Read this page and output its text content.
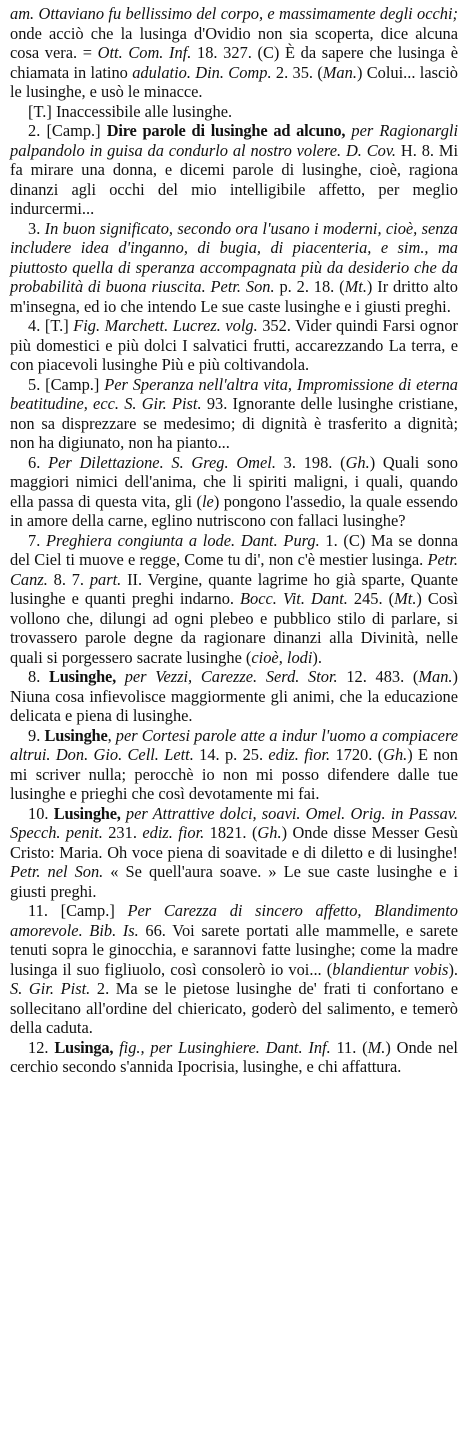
am. Ottaviano fu bellissimo del corpo, e massimamente degli occhi; onde acciò che la lusinga d'Ovidio non sia scoperta, dice alcuna cosa vera. = Ott. Com. Inf. 18. 327. (C) È da sapere che lusinga è chiamata in latino adulatio. Din. Comp. 2. 35. (Man.) Colui... lasciò le lusinghe, e usò le minacce.

[T.] Inaccessibile alle lusinghe.

2. [Camp.] Dire parole di lusinghe ad alcuno, per Ragionargli palpandolo in guisa da condurlo al nostro volere. D. Cov. H. 8. Mi fa mirare una donna, e dicemi parole di lusinghe, cioè, ragiona dinanzi agli occhi del mio intelligibile affetto, per meglio indurcermi...

3. In buon significato, secondo ora l'usano i moderni, cioè, senza includere idea d'inganno, di bugia, di piacenteria, e sim., ma piuttosto quella di speranza accompagnata più da desiderio che da probabilità di buona riuscita. Petr. Son. p. 2. 18. (Mt.) Ir dritto alto m'insegna, ed io che intendo Le sue caste lusinghe e i giusti preghi.

4. [T.] Fig. Marchett. Lucrez. volg. 352. Vider quindi Farsi ognor più domestici e più dolci I salvatici frutti, accarezzando La terra, e con piacevoli lusinghe Più e più coltivandola.

5. [Camp.] Per Speranza nell'altra vita, Impromissione di eterna beatitudine, ecc. S. Gir. Pist. 93. Ignorante delle lusinghe cristiane, non sa disprezzare se medesimo; di dignità è trasferito a dignità; non ha digiunato, non ha pianto...

6. Per Dilettazione. S. Greg. Omel. 3. 198. (Gh.) Quali sono maggiori nimici dell'anima, che li spiriti maligni, i quali, quando ella passa di questa vita, gli (le) pongono l'assedio, la quale essendo in amore della carne, eglino nutriscono con fallaci lusinghe?

7. Preghiera congiunta a lode. Dant. Purg. 1. (C) Ma se donna del Ciel ti muove e regge, Come tu di', non c'è mestier lusinga. Petr. Canz. 8. 7. part. II. Vergine, quante lagrime ho già sparte, Quante lusinghe e quanti preghi indarno. Bocc. Vit. Dant. 245. (Mt.) Così vollono che, dilungi ad ogni plebeo e pubblico stilo di parlare, si trovassero parole degne da ragionare dinanzi alla Divinità, nelle quali si porgessero sacrate lusinghe (cioè, lodi).

8. Lusinghe, per Vezzi, Carezze. Serd. Stor. 12. 483. (Man.) Niuna cosa infievolisce maggiormente gli animi, che la educazione delicata e piena di lusinghe.

9. Lusinghe, per Cortesi parole atte a indur l'uomo a compiacere altrui. Don. Gio. Cell. Lett. 14. p. 25. ediz. fior. 1720. (Gh.) E non mi scriver nulla; perocchè io non mi posso difendere dalle tue lusinghe e prieghi che così devotamente mi fai.

10. Lusinghe, per Attrattive dolci, soavi. Omel. Orig. in Passav. Specch. penit. 231. ediz. fior. 1821. (Gh.) Onde disse Messer Gesù Cristo: Maria. Oh voce piena di soavitade e di diletto e di lusinghe! Petr. nel Son. « Se quell'aura soave. » Le sue caste lusinghe e i giusti preghi.

11. [Camp.] Per Carezza di sincero affetto, Blandimento amorevole. Bib. Is. 66. Voi sarete portati alle mammelle, e sarete tenuti sopra le ginocchia, e sarannovi fatte lusinghe; come la madre lusinga il suo figliuolo, così consolerò io voi... (blandientur vobis). S. Gir. Pist. 2. Ma se le pietose lusinghe de' frati ti confortano e sollecitano all'ordine del chiericato, goderò del salimento, e temerò della caduta.

12. Lusinga, fig., per Lusinghiere. Dant. Inf. 11. (M.) Onde nel cerchio secondo s'annida Ipocrisia, lusinghe, e chi affattura.
